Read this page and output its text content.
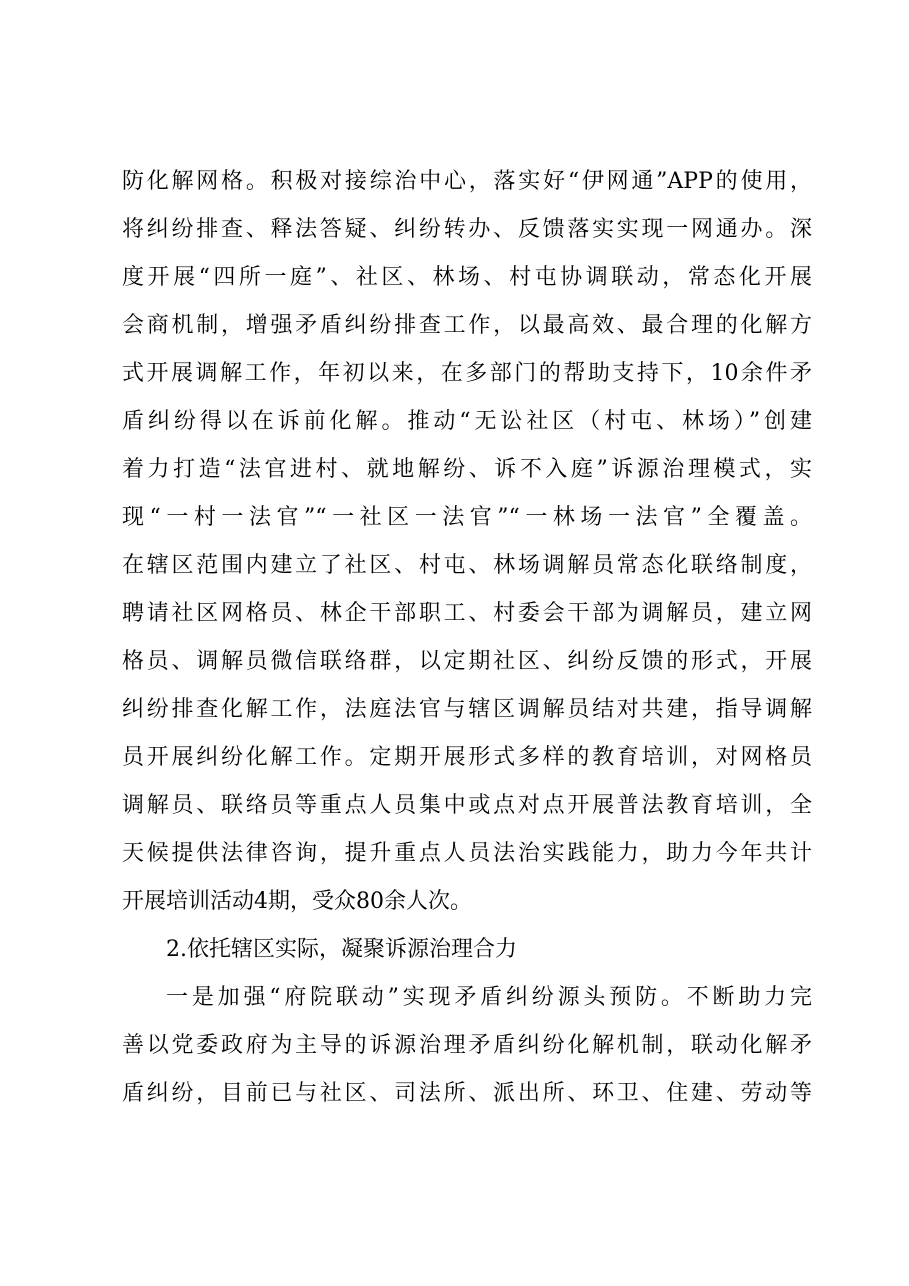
防化解网格。积极对接综治中心，落实好“伊网通”APP的使用，
将纠纷排查、释法答疑、纠纷转办、反馈落实实现一网通办。深
度开展“四所一庭”、社区、林场、村屯协调联动，常态化开展
会商机制，增强矛盾纠纷排查工作，以最高效、最合理的化解方
式开展调解工作，年初以来，在多部门的帮助支持下，10余件矛
盾纠纷得以在诉前化解。推动“无讼社区（村屯、林场）”创建
着力打造“法官进村、就地解纷、诉不入庭”诉源治理模式，实
现“一村一法官”“一社区一法官”“一林场一法官”全覆盖。
在辖区范围内建立了社区、村屯、林场调解员常态化联络制度，
聘请社区网格员、林企干部职工、村委会干部为调解员，建立网
格员、调解员微信联络群，以定期社区、纠纷反馈的形式，开展
纠纷排查化解工作，法庭法官与辖区调解员结对共建，指导调解
员开展纠纷化解工作。定期开展形式多样的教育培训，对网格员
调解员、联络员等重点人员集中或点对点开展普法教育培训，全
天候提供法律咨询，提升重点人员法治实践能力，助力今年共计
开展培训活动4期，受众80余人次。
2.依托辖区实际，凝聚诉源治理合力
一是加强“府院联动”实现矛盾纠纷源头预防。不断助力完
善以党委政府为主导的诉源治理矛盾纠纷化解机制，联动化解矛
盾纠纷，目前已与社区、司法所、派出所、环卫、住建、劳动等
